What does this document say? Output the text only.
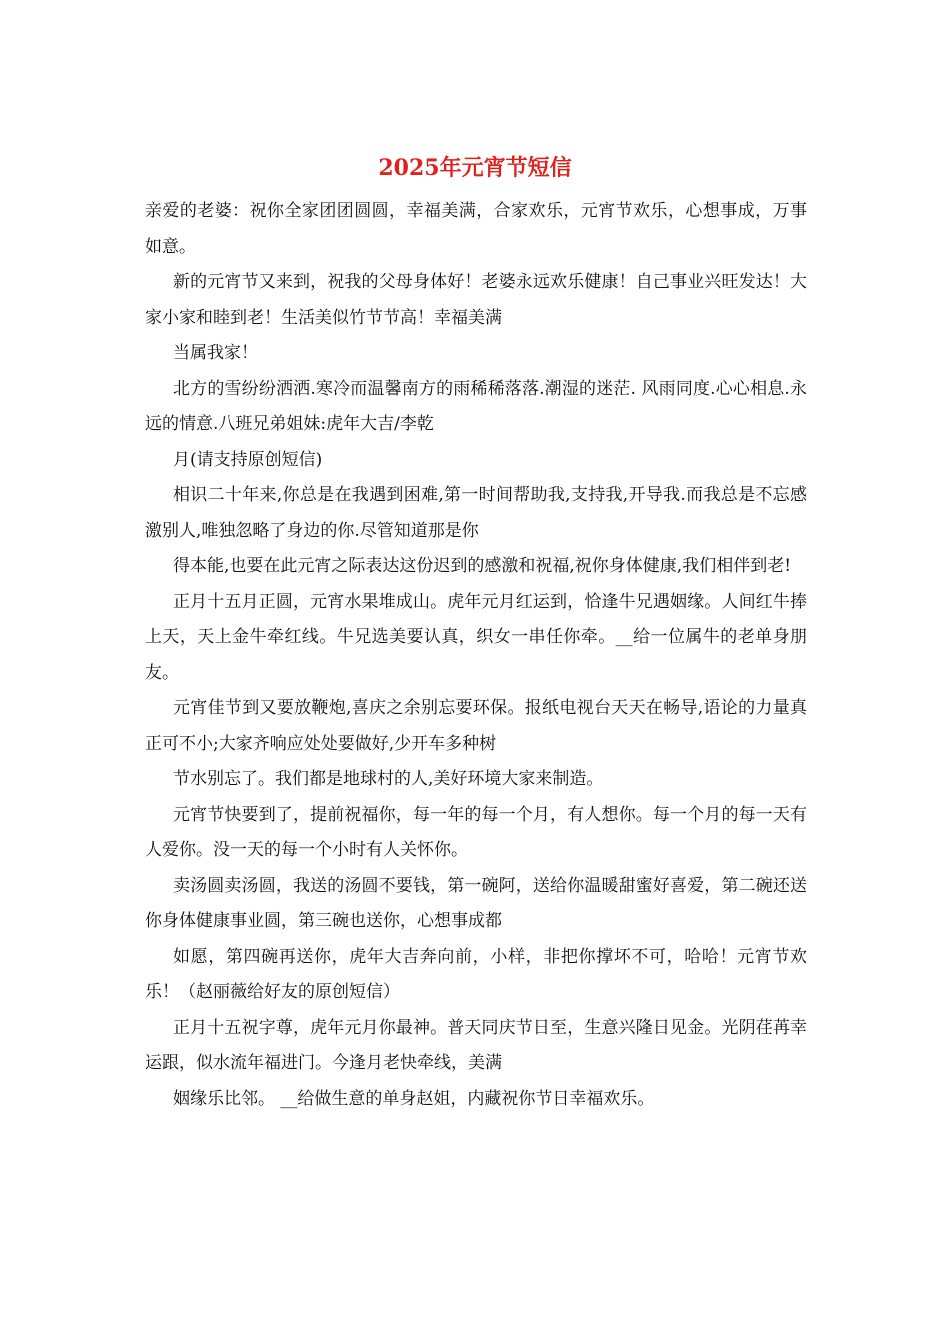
2025年元宵节短信

亲爱的老婆：祝你全家团团圆圆，幸福美满，合家欢乐，元宵节欢乐，心想事成，万事如意。

新的元宵节又来到，祝我的父母身体好！老婆永远欢乐健康！自己事业兴旺发达！大家小家和睦到老！生活美似竹节节高！幸福美满

当属我家！

北方的雪纷纷洒洒.寒冷而温馨南方的雨稀稀落落.潮湿的迷茫. 风雨同度.心心相息.永远的情意.八班兄弟姐妹:虎年大吉/李乾

月(请支持原创短信)

相识二十年来,你总是在我遇到困难,第一时间帮助我,支持我,开导我.而我总是不忘感激别人,唯独忽略了身边的你.尽管知道那是你

得本能,也要在此元宵之际表达这份迟到的感激和祝福,祝你身体健康,我们相伴到老!

正月十五月正圆，元宵水果堆成山。虎年元月红运到，恰逢牛兄遇姻缘。人间红牛捧上天，天上金牛牵红线。牛兄选美要认真，织女一串任你牵。__给一位属牛的老单身朋友。

元宵佳节到又要放鞭炮,喜庆之余别忘要环保。报纸电视台天天在畅导,语论的力量真正可不小;大家齐响应处处要做好,少开车多种树

节水别忘了。我们都是地球村的人,美好环境大家来制造。

元宵节快要到了，提前祝福你，每一年的每一个月，有人想你。每一个月的每一天有人爱你。没一天的每一个小时有人关怀你。

卖汤圆卖汤圆，我送的汤圆不要钱，第一碗阿，送给你温暖甜蜜好喜爱，第二碗还送你身体健康事业圆，第三碗也送你，心想事成都

如愿，第四碗再送你，虎年大吉奔向前，小样，非把你撑坏不可，哈哈！元宵节欢乐！（赵丽薇给好友的原创短信）

正月十五祝字尊，虎年元月你最神。普天同庆节日至，生意兴隆日见金。光阴荏苒幸运跟，似水流年福进门。今逢月老快牵线，美满

姻缘乐比邻。 __给做生意的单身赵姐，内藏祝你节日幸福欢乐。
